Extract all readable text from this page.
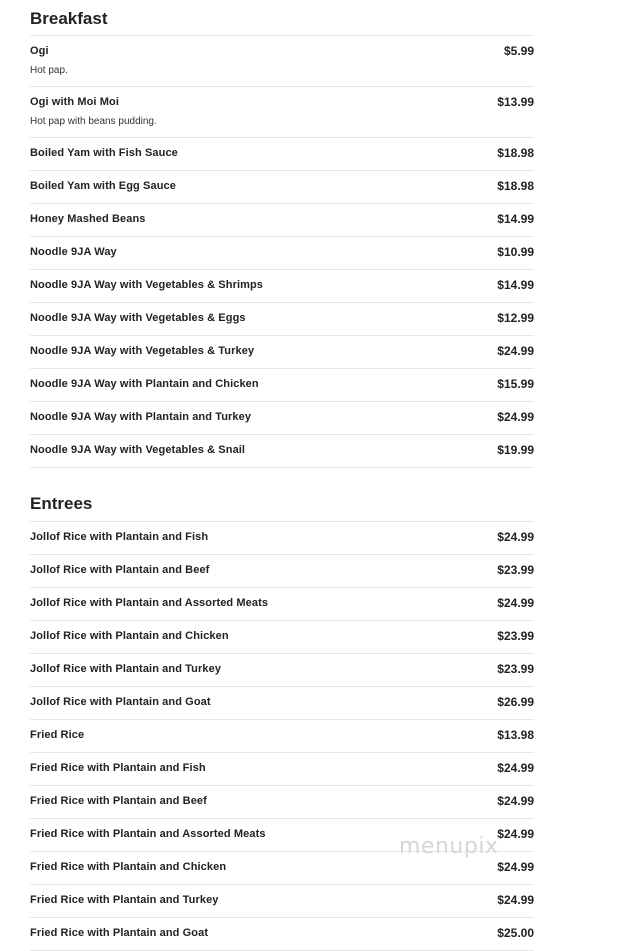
Breakfast
Ogi	$5.99
Hot pap.
Ogi with Moi Moi	$13.99
Hot pap with beans pudding.
Boiled Yam with Fish Sauce	$18.98
Boiled Yam with Egg Sauce	$18.98
Honey Mashed Beans	$14.99
Noodle 9JA Way	$10.99
Noodle 9JA Way with Vegetables & Shrimps	$14.99
Noodle 9JA Way with Vegetables & Eggs	$12.99
Noodle 9JA Way with Vegetables & Turkey	$24.99
Noodle 9JA Way with Plantain and Chicken	$15.99
Noodle 9JA Way with Plantain and Turkey	$24.99
Noodle 9JA Way with Vegetables & Snail	$19.99
Entrees
Jollof Rice with Plantain and Fish	$24.99
Jollof Rice with Plantain and Beef	$23.99
Jollof Rice with Plantain and Assorted Meats	$24.99
Jollof Rice with Plantain and Chicken	$23.99
Jollof Rice with Plantain and Turkey	$23.99
Jollof Rice with Plantain and Goat	$26.99
Fried Rice	$13.98
Fried Rice with Plantain and Fish	$24.99
Fried Rice with Plantain and Beef	$24.99
Fried Rice with Plantain and Assorted Meats	$24.99
Fried Rice with Plantain and Chicken	$24.99
Fried Rice with Plantain and Turkey	$24.99
Fried Rice with Plantain and Goat	$25.00
menupix
